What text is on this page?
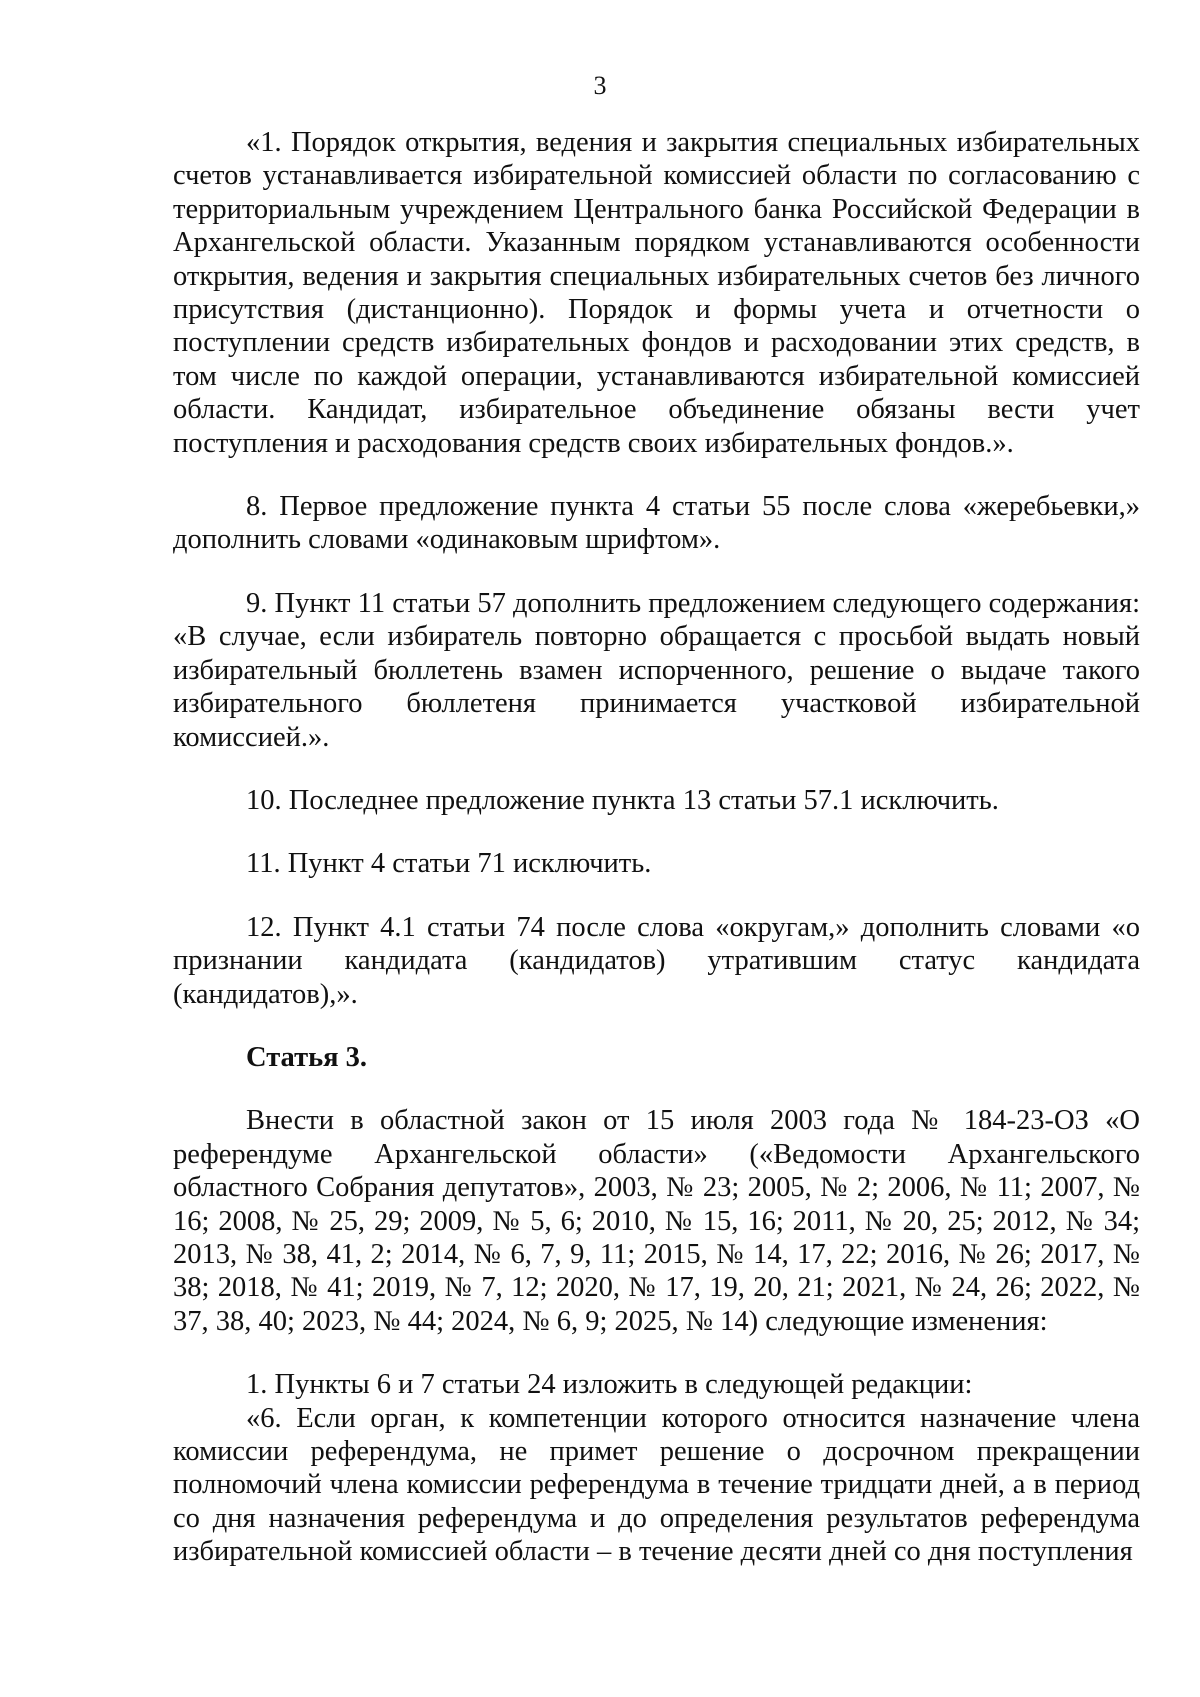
3

«1. Порядок открытия, ведения и закрытия специальных избирательных счетов устанавливается избирательной комиссией области по согласованию с территориальным учреждением Центрального банка Российской Федерации в Архангельской области. Указанным порядком устанавливаются особенности открытия, ведения и закрытия специальных избирательных счетов без личного присутствия (дистанционно). Порядок и формы учета и отчетности о поступлении средств избирательных фондов и расходовании этих средств, в том числе по каждой операции, устанавливаются избирательной комиссией области. Кандидат, избирательное объединение обязаны вести учет поступления и расходования средств своих избирательных фондов.».

8. Первое предложение пункта 4 статьи 55 после слова «жеребьевки,» дополнить словами «одинаковым шрифтом».

9. Пункт 11 статьи 57 дополнить предложением следующего содержания: «В случае, если избиратель повторно обращается с просьбой выдать новый избирательный бюллетень взамен испорченного, решение о выдаче такого избирательного бюллетеня принимается участковой избирательной комиссией.».

10. Последнее предложение пункта 13 статьи 57.1 исключить.

11. Пункт 4 статьи 71 исключить.

12. Пункт 4.1 статьи 74 после слова «округам,» дополнить словами «о признании кандидата (кандидатов) утратившим статус кандидата (кандидатов),».

Статья 3.

Внести в областной закон от 15 июля 2003 года № 184-23-ОЗ «О референдуме Архангельской области» («Ведомости Архангельского областного Собрания депутатов», 2003, № 23; 2005, № 2; 2006, № 11; 2007, № 16; 2008, № 25, 29; 2009, № 5, 6; 2010, № 15, 16; 2011, № 20, 25; 2012, № 34; 2013, № 38, 41, 2; 2014, № 6, 7, 9, 11; 2015, № 14, 17, 22; 2016, № 26; 2017, № 38; 2018, № 41; 2019, № 7, 12; 2020, № 17, 19, 20, 21; 2021, № 24, 26; 2022, № 37, 38, 40; 2023, № 44; 2024, № 6, 9; 2025, № 14) следующие изменения:

1. Пункты 6 и 7 статьи 24 изложить в следующей редакции:

«6. Если орган, к компетенции которого относится назначение члена комиссии референдума, не примет решение о досрочном прекращении полномочий члена комиссии референдума в течение тридцати дней, а в период со дня назначения референдума и до определения результатов референдума избирательной комиссией области – в течение десяти дней со дня поступления
